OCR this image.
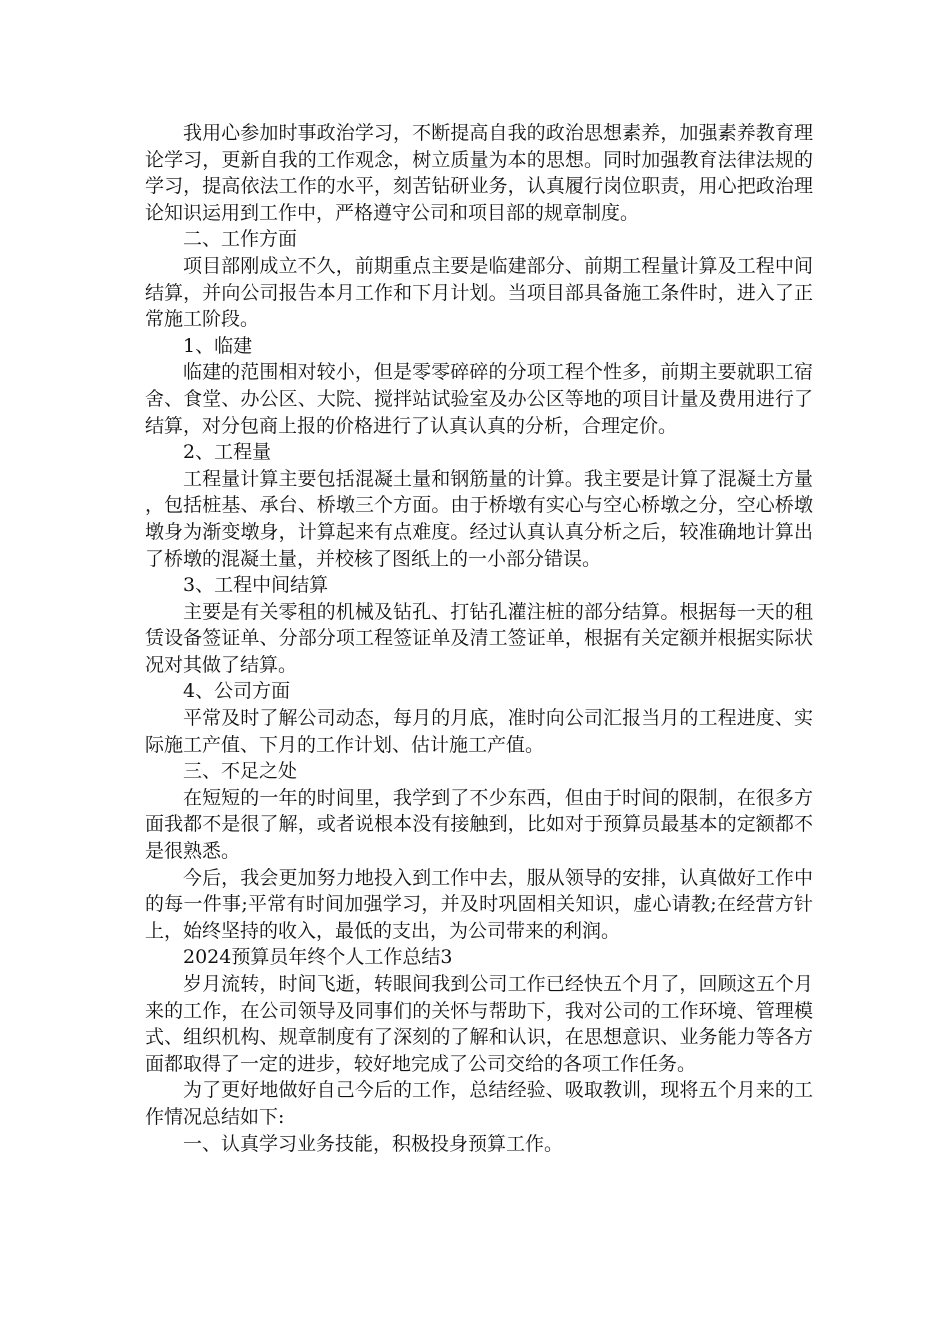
我用心参加时事政治学习，不断提高自我的政治思想素养，加强素养教育理论学习，更新自我的工作观念，树立质量为本的思想。同时加强教育法律法规的学习，提高依法工作的水平，刻苦钻研业务，认真履行岗位职责，用心把政治理论知识运用到工作中，严格遵守公司和项目部的规章制度。

二、工作方面

项目部刚成立不久，前期重点主要是临建部分、前期工程量计算及工程中间结算，并向公司报告本月工作和下月计划。当项目部具备施工条件时，进入了正常施工阶段。

1、临建

临建的范围相对较小，但是零零碎碎的分项工程个性多，前期主要就职工宿舍、食堂、办公区、大院、搅拌站试验室及办公区等地的项目计量及费用进行了结算，对分包商上报的价格进行了认真认真的分析，合理定价。

2、工程量

工程量计算主要包括混凝土量和钢筋量的计算。我主要是计算了混凝土方量，包括桩基、承台、桥墩三个方面。由于桥墩有实心与空心桥墩之分，空心桥墩墩身为渐变墩身，计算起来有点难度。经过认真认真分析之后，较准确地计算出了桥墩的混凝土量，并校核了图纸上的一小部分错误。

3、工程中间结算

主要是有关零租的机械及钻孔、打钻孔灌注桩的部分结算。根据每一天的租赁设备签证单、分部分项工程签证单及清工签证单，根据有关定额并根据实际状况对其做了结算。

4、公司方面

平常及时了解公司动态，每月的月底，准时向公司汇报当月的工程进度、实际施工产值、下月的工作计划、估计施工产值。

三、不足之处

在短短的一年的时间里，我学到了不少东西，但由于时间的限制，在很多方面我都不是很了解，或者说根本没有接触到，比如对于预算员最基本的定额都不是很熟悉。

今后，我会更加努力地投入到工作中去，服从领导的安排，认真做好工作中的每一件事;平常有时间加强学习，并及时巩固相关知识，虚心请教;在经营方针上，始终坚持的收入，最低的支出，为公司带来的利润。

2024预算员年终个人工作总结3

岁月流转，时间飞逝，转眼间我到公司工作已经快五个月了，回顾这五个月来的工作，在公司领导及同事们的关怀与帮助下，我对公司的工作环境、管理模式、组织机构、规章制度有了深刻的了解和认识，在思想意识、业务能力等各方面都取得了一定的进步，较好地完成了公司交给的各项工作任务。

为了更好地做好自己今后的工作，总结经验、吸取教训，现将五个月来的工作情况总结如下:

一、认真学习业务技能，积极投身预算工作。
